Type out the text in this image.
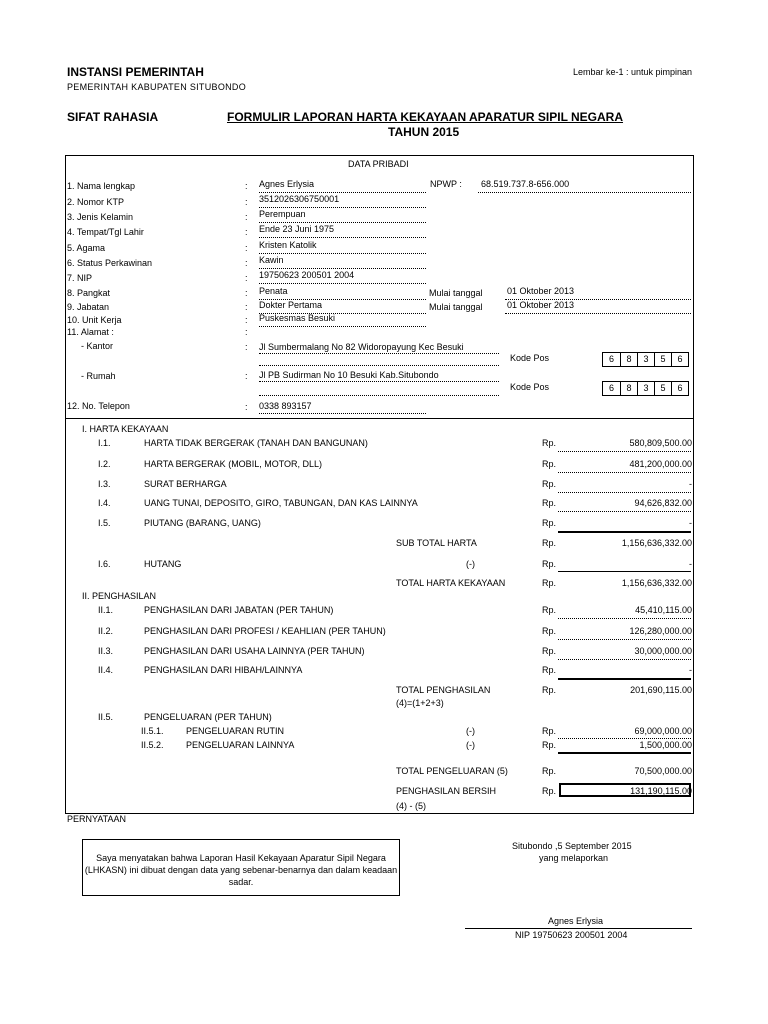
INSTANSI PEMERINTAH
PEMERINTAH KABUPATEN SITUBONDO
Lembar ke-1 : untuk pimpinan
SIFAT RAHASIA	FORMULIR LAPORAN HARTA KEKAYAAN APARATUR SIPIL NEGARA
TAHUN 2015
DATA PRIBADI
1. Nama lengkap	: Agnes Erlysia	NPWP : 68.519.737.8-656.000
2. Nomor KTP	: 3512026306750001
3. Jenis Kelamin	: Perempuan
4. Tempat/Tgl Lahir	: Ende 23 Juni 1975
5. Agama	: Kristen Katolik
6. Status Perkawinan	: Kawin
7. NIP	: 19750623 200501 2004
8. Pangkat	: Penata	Mulai tanggal	01 Oktober 2013
9. Jabatan	: Dokter Pertama	Mulai tanggal	01 Oktober 2013
10. Unit Kerja	: Puskesmas Besuki
11. Alamat :	:
- Kantor	: Jl Sumbermalang No 82 Widoropayung Kec Besuki
Kode Pos	6	8	3	5	6
- Rumah	: Jl PB Sudirman No 10 Besuki Kab.Situbondo
Kode Pos	6	8	3	5	6
12. No. Telepon	: 0338 893157
I. HARTA KEKAYAAN
I.1.	HARTA TIDAK BERGERAK (TANAH DAN BANGUNAN)	Rp.	580,809,500.00
I.2.	HARTA BERGERAK (MOBIL, MOTOR, DLL)	Rp.	481,200,000.00
I.3.	SURAT BERHARGA	Rp.	-
I.4.	UANG TUNAI, DEPOSITO, GIRO, TABUNGAN, DAN KAS LAINNYA	Rp.	94,626,832.00
I.5.	PIUTANG (BARANG, UANG)	Rp.	-
SUB TOTAL HARTA	Rp.	1,156,636,332.00
I.6.	HUTANG	(-)	Rp.	-
TOTAL HARTA KEKAYAAN	Rp.	1,156,636,332.00
II. PENGHASILAN
II.1.	PENGHASILAN DARI JABATAN (PER TAHUN)	Rp.	45,410,115.00
II.2.	PENGHASILAN DARI PROFESI / KEAHLIAN (PER TAHUN)	Rp.	126,280,000.00
II.3.	PENGHASILAN DARI USAHA LAINNYA (PER TAHUN)	Rp.	30,000,000.00
II.4.	PENGHASILAN DARI HIBAH/LAINNYA	Rp.	-
TOTAL PENGHASILAN
(4)=(1+2+3)
Rp.	201,690,115.00
II.5.	PENGELUARAN (PER TAHUN)
II.5.1. PENGELUARAN RUTIN	(-)	Rp.	69,000,000.00
II.5.2. PENGELUARAN LAINNYA	(-)	Rp.	1,500,000.00
TOTAL PENGELUARAN (5)	Rp.	70,500,000.00
PENGHASILAN BERSIH
(4) - (5)
Rp.	131,190,115.00
PERNYATAAN
Saya menyatakan bahwa Laporan Hasil Kekayaan Aparatur Sipil Negara (LHKASN) ini dibuat dengan data yang sebenar-benarnya dan dalam keadaan sadar.
Situbondo ,5 September 2015
yang melaporkan
Agnes Erlysia
NIP 19750623 200501 2004
